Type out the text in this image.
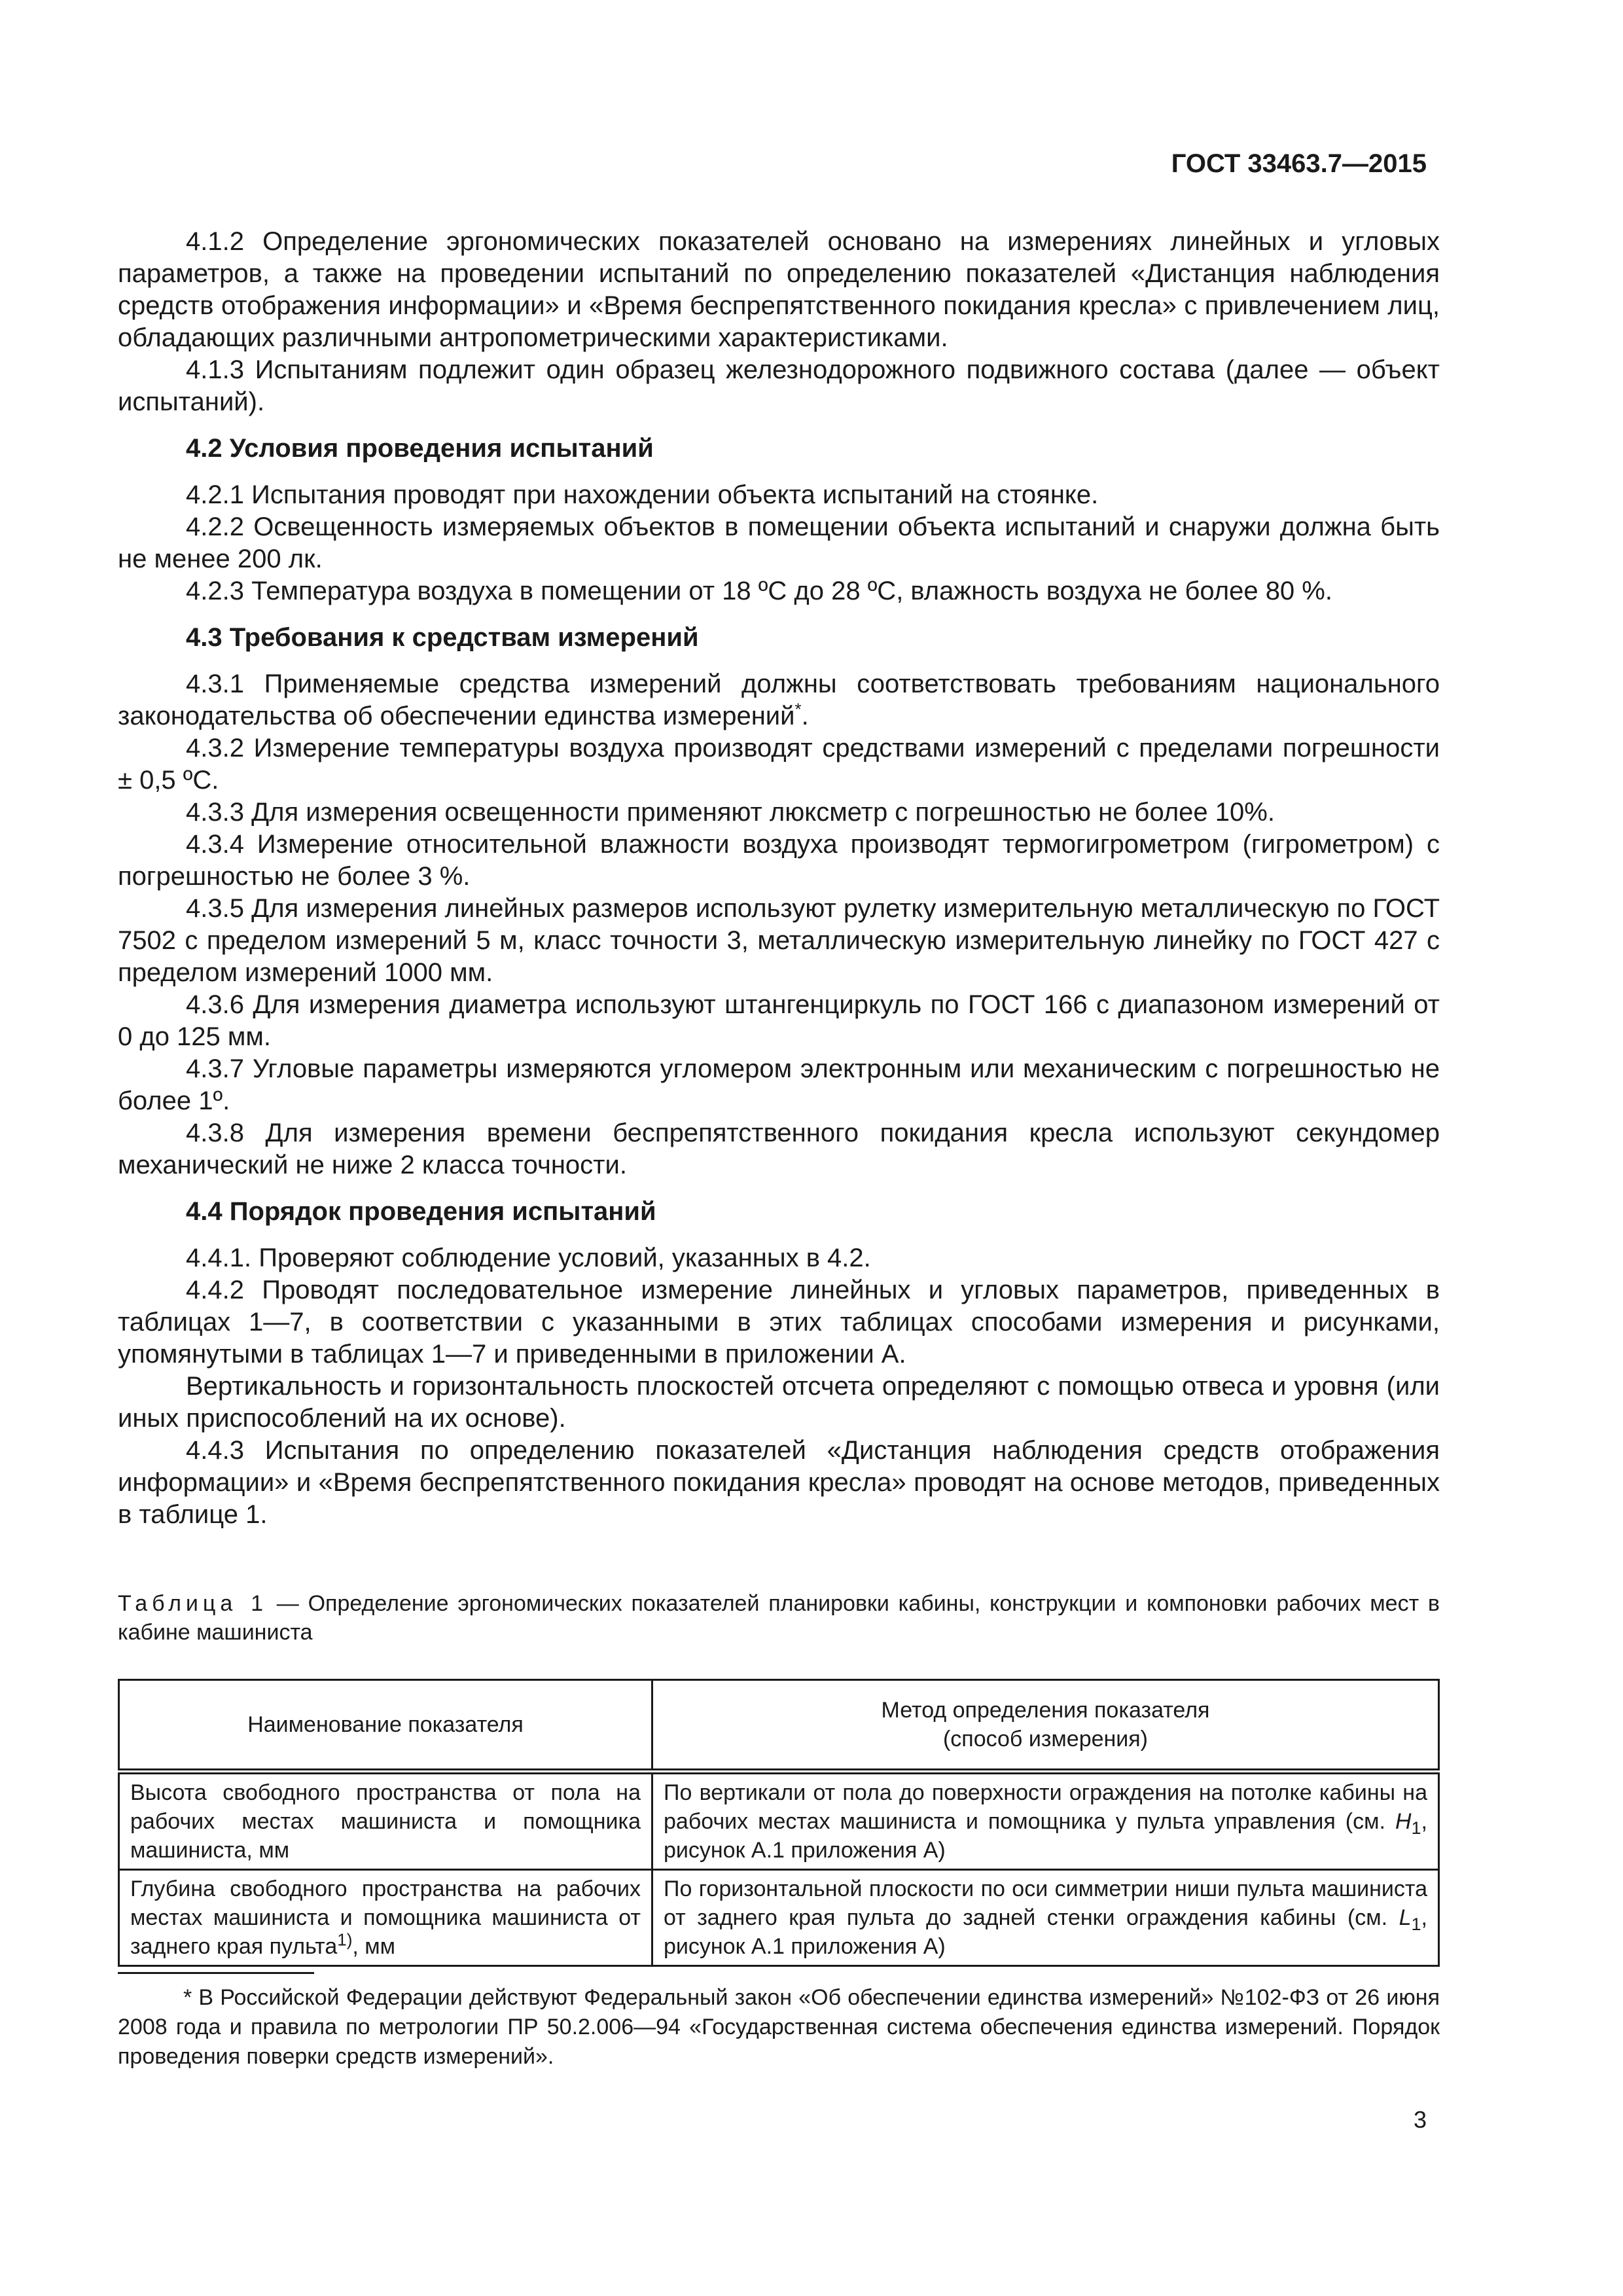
ГОСТ 33463.7—2015

4.1.2 Определение эргономических показателей основано на измерениях линейных и угловых параметров, а также на проведении испытаний по определению показателей «Дистанция наблюдения средств отображения информации» и «Время беспрепятственного покидания кресла» с привлечением лиц, обладающих различными антропометрическими характеристиками.

4.1.3 Испытаниям подлежит один образец железнодорожного подвижного состава (далее — объект испытаний).

4.2 Условия проведения испытаний

4.2.1 Испытания проводят при нахождении объекта испытаний на стоянке.

4.2.2 Освещенность измеряемых объектов в помещении объекта испытаний и снаружи должна быть не менее 200 лк.

4.2.3 Температура воздуха в помещении от 18 ºС до 28 ºС, влажность воздуха не более 80 %.

4.3 Требования к средствам измерений

4.3.1 Применяемые средства измерений должны соответствовать требованиям национального законодательства об обеспечении единства измерений*.

4.3.2 Измерение температуры воздуха производят средствами измерений с пределами погрешности ± 0,5 ºС.

4.3.3 Для измерения освещенности применяют люксметр с погрешностью не более 10%.

4.3.4 Измерение относительной влажности воздуха производят термогигрометром (гигрометром) с погрешностью не более 3 %.

4.3.5 Для измерения линейных размеров используют рулетку измерительную металлическую по ГОСТ 7502 с пределом измерений 5 м, класс точности 3, металлическую измерительную линейку по ГОСТ 427 с пределом измерений 1000 мм.

4.3.6 Для измерения диаметра используют штангенциркуль по ГОСТ 166 с диапазоном измерений от 0 до 125 мм.

4.3.7 Угловые параметры измеряются угломером электронным или механическим с погрешностью не более 1º.

4.3.8 Для измерения времени беспрепятственного покидания кресла используют секундомер механический не ниже 2 класса точности.

4.4 Порядок проведения испытаний

4.4.1. Проверяют соблюдение условий, указанных в 4.2.

4.4.2 Проводят последовательное измерение линейных и угловых параметров, приведенных в таблицах 1—7, в соответствии с указанными в этих таблицах способами измерения и рисунками, упомянутыми в таблицах 1—7 и приведенными в приложении А.

Вертикальность и горизонтальность плоскостей отсчета определяют с помощью отвеса и уровня (или иных приспособлений на их основе).

4.4.3 Испытания по определению показателей «Дистанция наблюдения средств отображения информации» и «Время беспрепятственного покидания кресла» проводят на основе методов, приведенных в таблице 1.

Таблица 1 — Определение эргономических показателей планировки кабины, конструкции и компоновки рабочих мест в кабине машиниста
Наименование показателя	Метод определения показателя
(способ измерения)
Высота свободного пространства от пола на рабочих местах машиниста и помощника машиниста, мм	По вертикали от пола до поверхности ограждения на потолке кабины на рабочих местах машиниста и помощника у пульта управления (см. $H_1$, рисунок А.1 приложения А)
Глубина свободного пространства на рабочих местах машиниста и помощника машиниста от заднего края пульта$^{1)}$, мм	По горизонтальной плоскости по оси симметрии ниши пульта машиниста от заднего края пульта до задней стенки ограждения кабины (см. $L_1$, рисунок А.1 приложения А)
* В Российской Федерации действуют Федеральный закон «Об обеспечении единства измерений» №102-ФЗ от 26 июня 2008 года и правила по метрологии ПР 50.2.006—94 «Государственная система обеспечения единства измерений. Порядок проведения поверки средств измерений».
3
